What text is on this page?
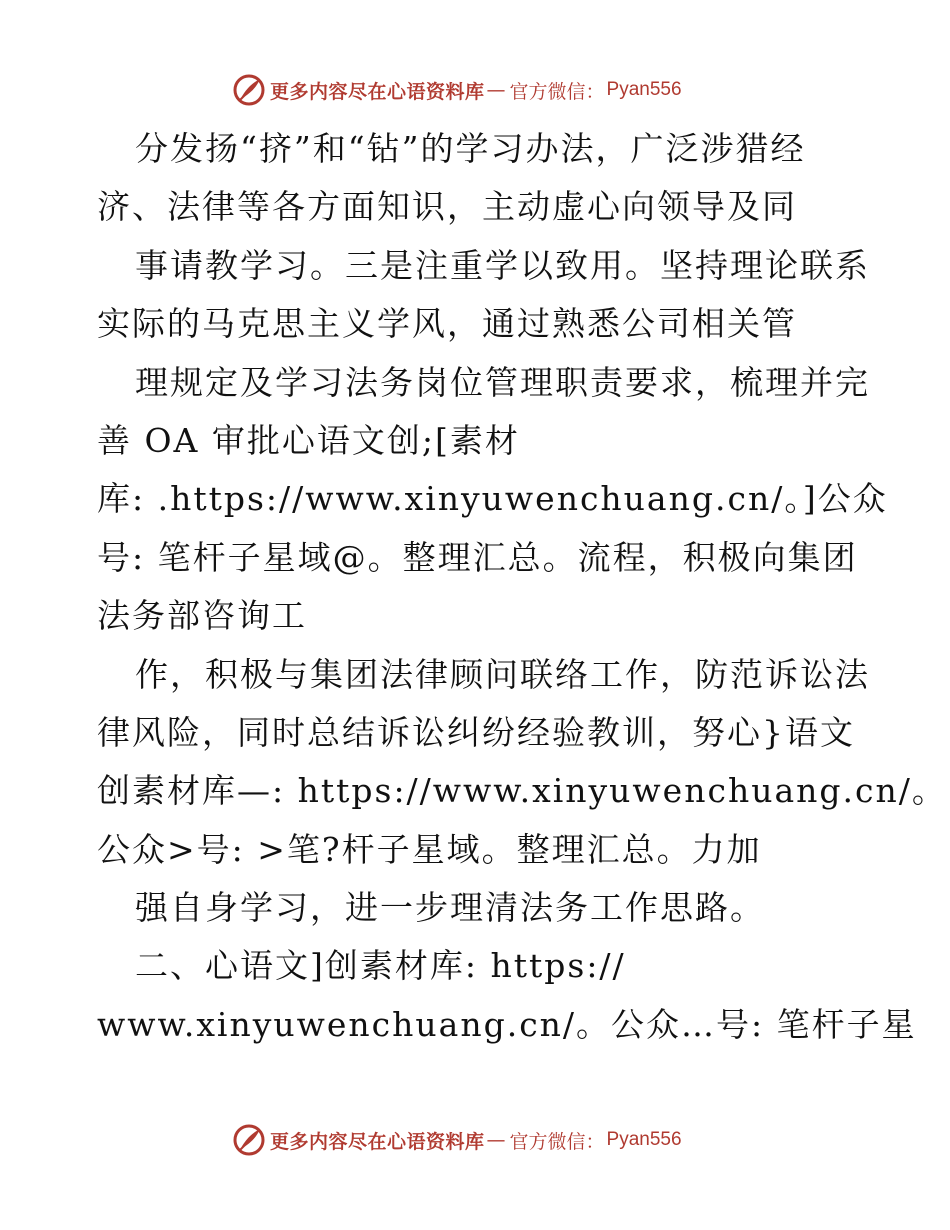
更多内容尽在心语资料库 — 官方微信： Pyan556
分发扬“挤”和“钻”的学习办法，广泛涉猎经
济、法律等各方面知识，主动虚心向领导及同
事请教学习。三是注重学以致用。坚持理论联系
实际的马克思主义学风，通过熟悉公司相关管
理规定及学习法务岗位管理职责要求，梳理并完
善 OA 审批心语文创;[素材
库: .https://www.xinyuwenchuang.cn/。]公众
号: 笔杆子星域@。整理汇总。流程，积极向集团
法务部咨询工
作，积极与集团法律顾问联络工作，防范诉讼法
律风险，同时总结诉讼纠纷经验教训，努心}语文
创素材库—: https://www.xinyuwenchuang.cn/。
公众>号: >笔?杆子星域。整理汇总。力加
强自身学习，进一步理清法务工作思路。
二、心语文]创素材库: https://
www.xinyuwenchuang.cn/。公众…号: 笔杆子星
更多内容尽在心语资料库 — 官方微信： Pyan556
